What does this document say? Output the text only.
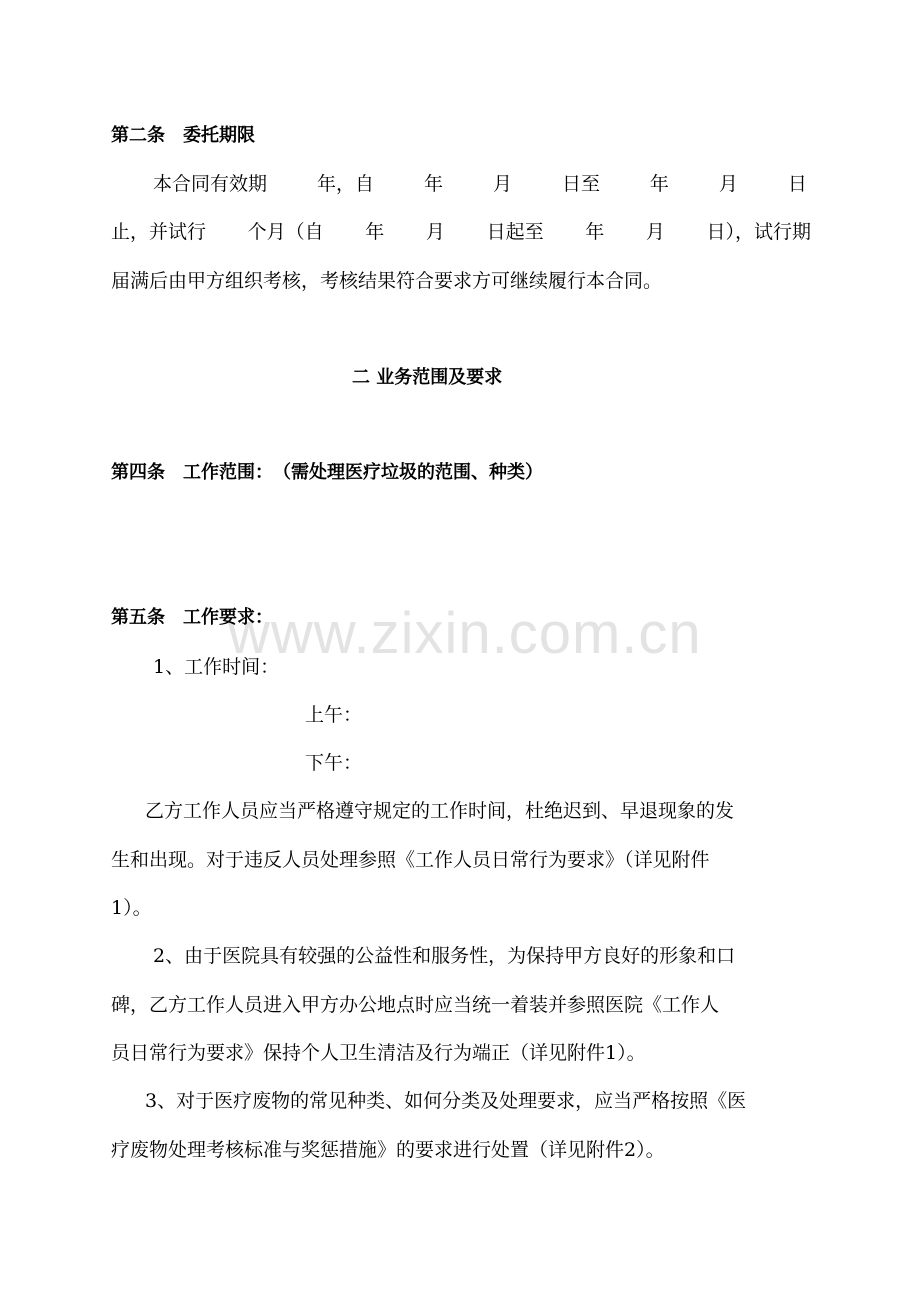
www.zixin.com.cn
第二条　委托期限
本合同有效期	年，自	年	月	日至	年	月	日
止，并试行 个月（自 年 月 日起至 年 月 日），试行期
届满后由甲方组织考核，考核结果符合要求方可继续履行本合同。
二 业务范围及要求
第四条　工作范围：　（需处理医疗垃圾的范围、种类）
第五条　工作要求：
1、工作时间：
上午：
下午：
乙方工作人员应当严格遵守规定的工作时间，杜绝迟到、早退现象的发
生和出现。对于违反人员处理参照《工作人员日常行为要求》（详见附件
1）。
2、由于医院具有较强的公益性和服务性，为保持甲方良好的形象和口
碑，乙方工作人员进入甲方办公地点时应当统一着装并参照医院《工作人
员日常行为要求》保持个人卫生清洁及行为端正（详见附件1）。
3、对于医疗废物的常见种类、如何分类及处理要求，应当严格按照《医
疗废物处理考核标准与奖惩措施》的要求进行处置（详见附件2）。
